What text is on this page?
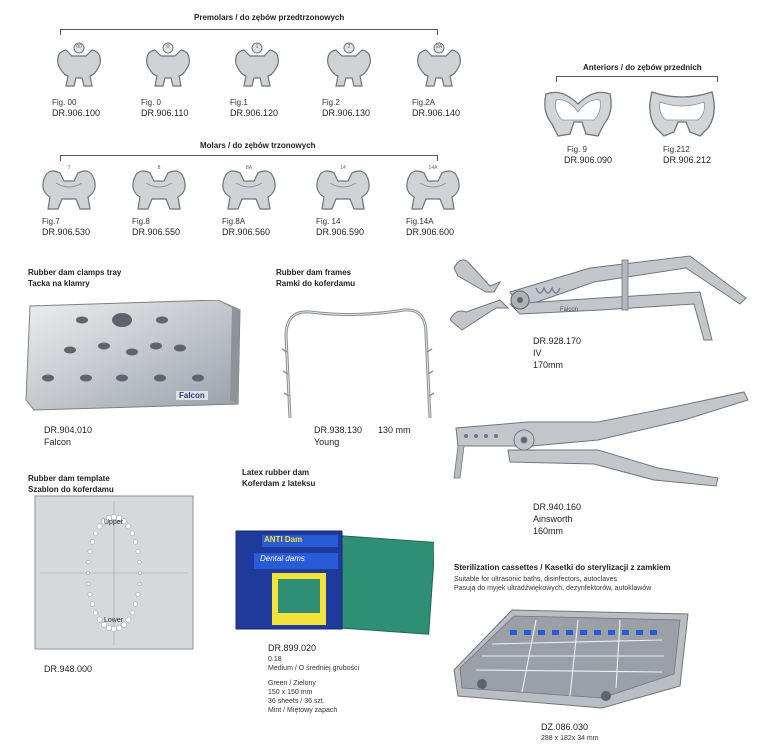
Premolars / do zębów przedtrzonowych
00
Fig. 00
DR.906.100
0
Fig. 0
DR.906.110
1
Fig.1
DR.906.120
2
Fig.2
DR.906.130
2A
Fig.2A
DR.906.140
Anteriors / do zębów przednich
Fig. 9
DR.906.090
Fig.212
DR.906.212
Molars / do zębów trzonowych
7
Fig.7
DR.906.530
8
Fig.8
DR.906.550
8A
Fig.8A
DR.906.560
14
Fig. 14
DR.906.590
14A
Fig.14A
DR.906.600
Rubber dam clamps tray
Tacka na klamry
Falcon
DR.904.010
Falcon
Rubber dam frames
Ramki do koferdamu
DR.938.130 130 mm
Young
Falcon
DR.928.170
IV
170mm
DR.940.160
Ainsworth
160mm
Rubber dam template
Szablon do koferdamu
Upper
Lower
DR.948.000
Latex rubber dam
Koferdam z lateksu
ANTI Dam
Dental dams
DR.899.020
0.18
Medium / O średniej grubości
Green / Zielony
150 x 150 mm
36 sheets / 36 szt.
Mint / Miętowy zapach
Sterilization cassettes / Kasetki do sterylizacji z zamkiem
Suitable for ultrasonic baths, disinfectors, autoclaves
Pasują do myjek ultradźwiękowych, dezynfektorów, autoklawów
DZ.086.030
288 x 182x 34 mm
